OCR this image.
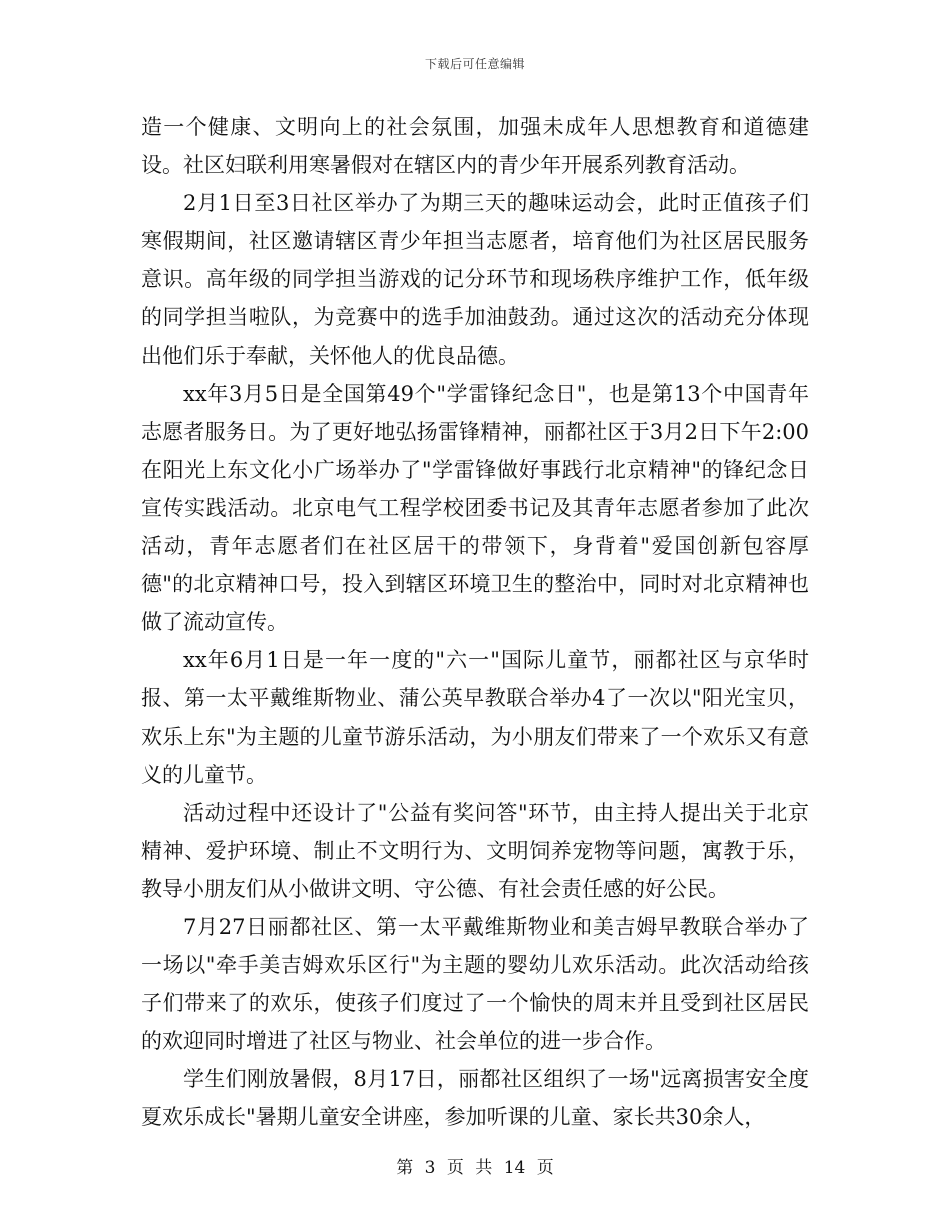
下载后可任意编辑

造一个健康、文明向上的社会氛围，加强未成年人思想教育和道德建设。社区妇联利用寒暑假对在辖区内的青少年开展系列教育活动。

2月1日至3日社区举办了为期三天的趣味运动会，此时正值孩子们寒假期间，社区邀请辖区青少年担当志愿者，培育他们为社区居民服务意识。高年级的同学担当游戏的记分环节和现场秩序维护工作，低年级的同学担当啦队，为竞赛中的选手加油鼓劲。通过这次的活动充分体现出他们乐于奉献，关怀他人的优良品德。

xx年3月5日是全国第49个"学雷锋纪念日"，也是第13个中国青年志愿者服务日。为了更好地弘扬雷锋精神，丽都社区于3月2日下午2:00在阳光上东文化小广场举办了"学雷锋做好事践行北京精神"的锋纪念日宣传实践活动。北京电气工程学校团委书记及其青年志愿者参加了此次活动，青年志愿者们在社区居干的带领下，身背着"爱国创新包容厚德"的北京精神口号，投入到辖区环境卫生的整治中，同时对北京精神也做了流动宣传。

xx年6月1日是一年一度的"六一"国际儿童节，丽都社区与京华时报、第一太平戴维斯物业、蒲公英早教联合举办4了一次以"阳光宝贝，欢乐上东"为主题的儿童节游乐活动，为小朋友们带来了一个欢乐又有意义的儿童节。

活动过程中还设计了"公益有奖问答"环节，由主持人提出关于北京精神、爱护环境、制止不文明行为、文明饲养宠物等问题，寓教于乐，教导小朋友们从小做讲文明、守公德、有社会责任感的好公民。

7月27日丽都社区、第一太平戴维斯物业和美吉姆早教联合举办了一场以"牵手美吉姆欢乐区行"为主题的婴幼儿欢乐活动。此次活动给孩子们带来了的欢乐，使孩子们度过了一个愉快的周末并且受到社区居民的欢迎同时增进了社区与物业、社会单位的进一步合作。

学生们刚放暑假，8月17日，丽都社区组织了一场"远离损害安全度夏欢乐成长"暑期儿童安全讲座，参加听课的儿童、家长共30余人，

第 3 页 共 14 页
